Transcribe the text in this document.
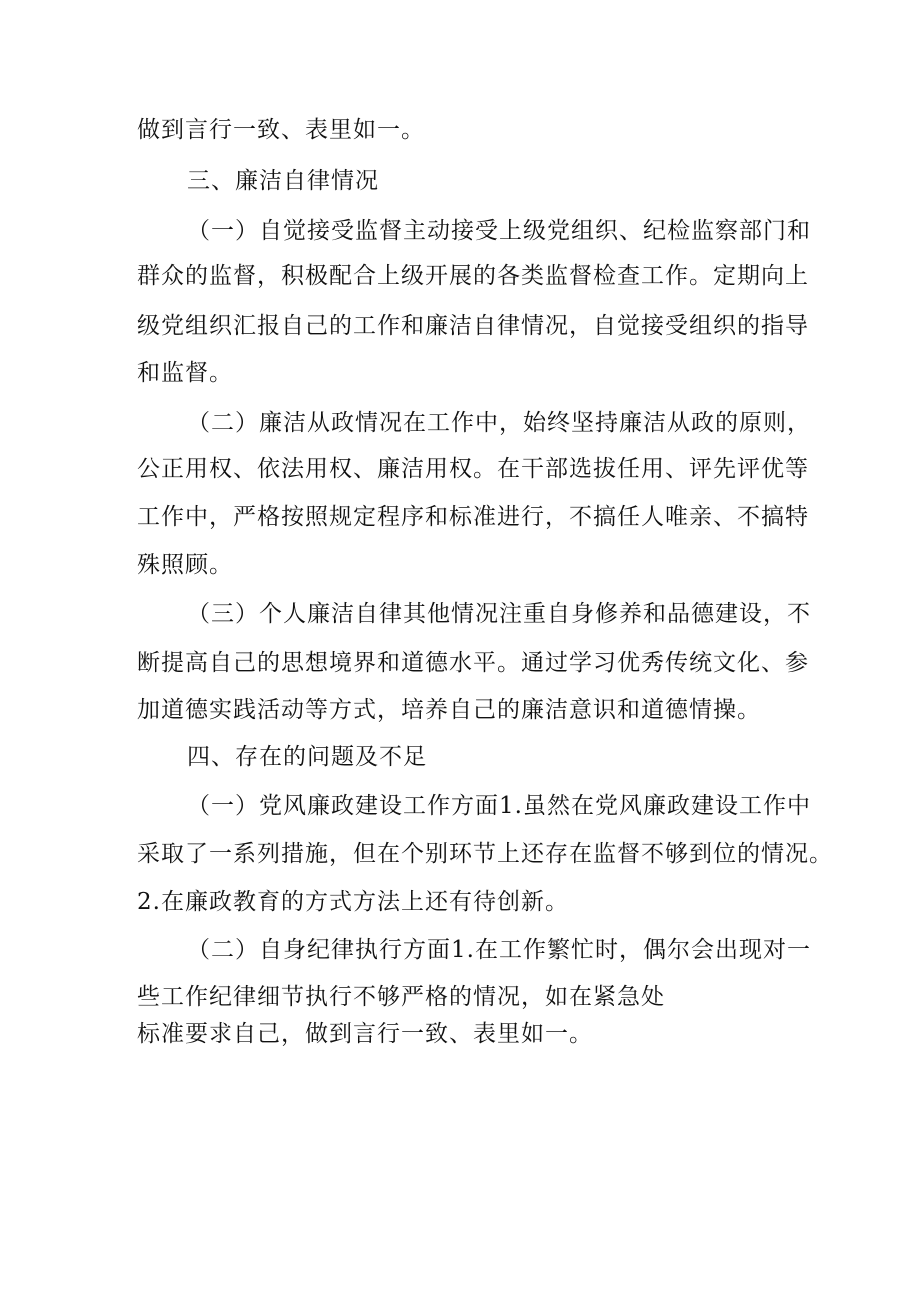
做到言行一致、表里如一。
三、廉洁自律情况
（一）自觉接受监督主动接受上级党组织、纪检监察部门和
群众的监督，积极配合上级开展的各类监督检查工作。定期向上
级党组织汇报自己的工作和廉洁自律情况，自觉接受组织的指导
和监督。
（二）廉洁从政情况在工作中，始终坚持廉洁从政的原则，
公正用权、依法用权、廉洁用权。在干部选拔任用、评先评优等
工作中，严格按照规定程序和标准进行，不搞任人唯亲、不搞特
殊照顾。
（三）个人廉洁自律其他情况注重自身修养和品德建设，不
断提高自己的思想境界和道德水平。通过学习优秀传统文化、参
加道德实践活动等方式，培养自己的廉洁意识和道德情操。
四、存在的问题及不足
（一）党风廉政建设工作方面1.虽然在党风廉政建设工作中
采取了一系列措施，但在个别环节上还存在监督不够到位的情况。
2.在廉政教育的方式方法上还有待创新。
（二）自身纪律执行方面1.在工作繁忙时，偶尔会出现对一
些工作纪律细节执行不够严格的情况，如在紧急处
标准要求自己，做到言行一致、表里如一。
